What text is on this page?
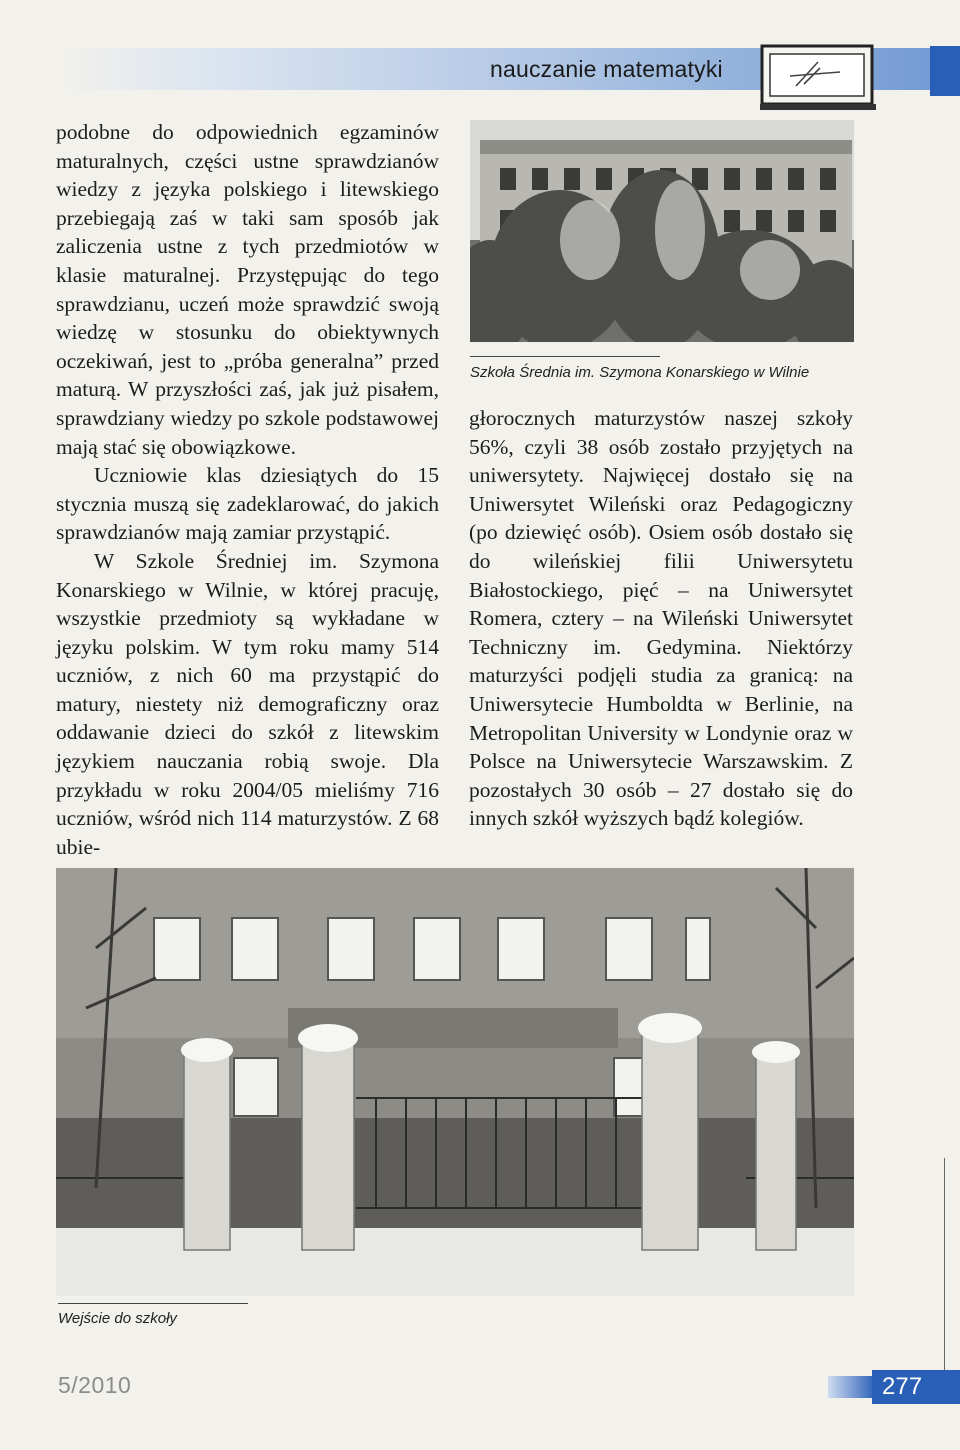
nauczanie matematyki

podobne do odpowiednich egzaminów maturalnych, części ustne sprawdzianów wiedzy z języka polskiego i litewskiego przebiegają zaś w taki sam sposób jak zaliczenia ustne z tych przedmiotów w klasie maturalnej. Przystępując do tego sprawdzianu, uczeń może sprawdzić swoją wiedzę w stosunku do obiektywnych oczekiwań, jest to „próba generalna” przed maturą. W przyszłości zaś, jak już pisałem, sprawdziany wiedzy po szkole podstawowej mają stać się obowiązkowe.

Uczniowie klas dziesiątych do 15 stycznia muszą się zadeklarować, do jakich sprawdzianów mają zamiar przystąpić.

W Szkole Średniej im. Szymona Konarskiego w Wilnie, w której pracuję, wszystkie przedmioty są wykładane w języku polskim. W tym roku mamy 514 uczniów, z nich 60 ma przystąpić do matury, niestety niż demograficzny oraz oddawanie dzieci do szkół z litewskim językiem nauczania robią swoje. Dla przykładu w roku 2004/05 mieliśmy 716 uczniów, wśród nich 114 maturzystów. Z 68 ubie-

Szkoła Średnia im. Szymona Konarskiego w Wilnie

głorocznych maturzystów naszej szkoły 56%, czyli 38 osób zostało przyjętych na uniwersytety. Najwięcej dostało się na Uniwersytet Wileński oraz Pedagogiczny (po dziewięć osób). Osiem osób dostało się do wileńskiej filii Uniwersytetu Białostockiego, pięć – na Uniwersytet Romera, cztery – na Wileński Uniwersytet Techniczny im. Gedymina. Niektórzy maturzyści podjęli studia za granicą: na Uniwersytecie Humboldta w Berlinie, na Metropolitan University w Londynie oraz w Polsce na Uniwersytecie Warszawskim. Z pozostałych 30 osób – 27 dostało się do innych szkół wyższych bądź kolegiów.

Wejście do szkoły
5/2010	277
